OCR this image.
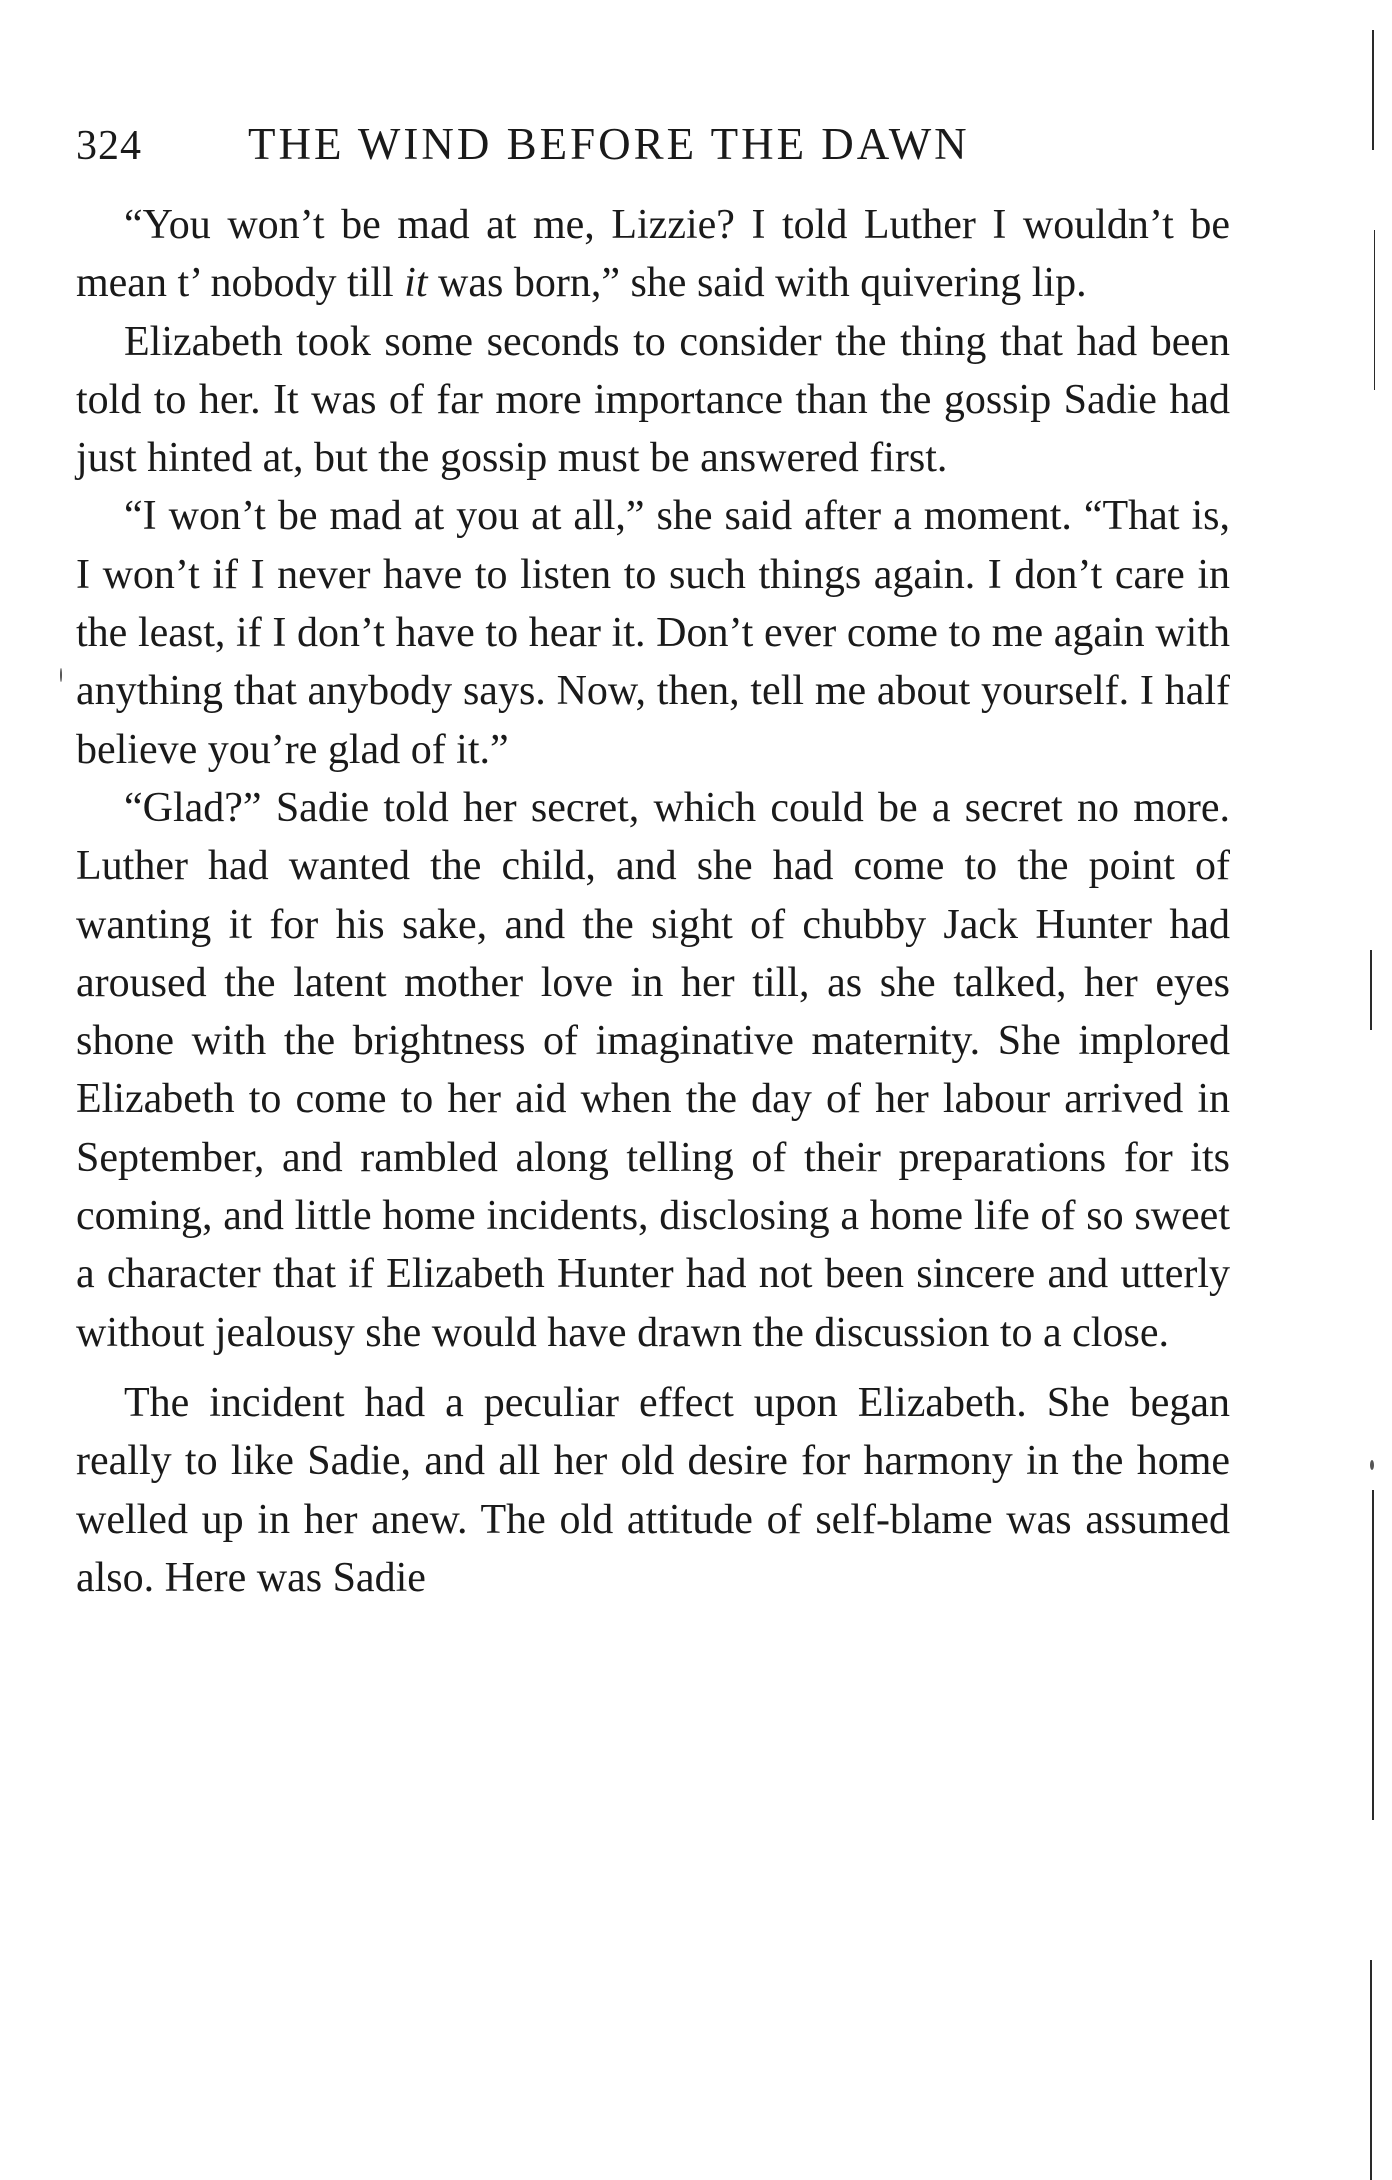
324 THE WIND BEFORE THE DAWN

“You won’t be mad at me, Lizzie? I told Luther I wouldn’t be mean t’ nobody till it was born,” she said with quivering lip.

Elizabeth took some seconds to consider the thing that had been told to her. It was of far more importance than the gossip Sadie had just hinted at, but the gossip must be answered first.

“I won’t be mad at you at all,” she said after a moment. “That is, I won’t if I never have to listen to such things again. I don’t care in the least, if I don’t have to hear it. Don’t ever come to me again with anything that anybody says. Now, then, tell me about yourself. I half believe you’re glad of it.”

“Glad?” Sadie told her secret, which could be a secret no more. Luther had wanted the child, and she had come to the point of wanting it for his sake, and the sight of chubby Jack Hunter had aroused the latent mother love in her till, as she talked, her eyes shone with the brightness of imaginative maternity. She implored Elizabeth to come to her aid when the day of her labour arrived in September, and rambled along telling of their preparations for its coming, and little home incidents, disclosing a home life of so sweet a character that if Elizabeth Hunter had not been sincere and utterly without jealousy she would have drawn the discussion to a close.

The incident had a peculiar effect upon Elizabeth. She began really to like Sadie, and all her old desire for harmony in the home welled up in her anew. The old attitude of self-blame was assumed also. Here was Sadie
